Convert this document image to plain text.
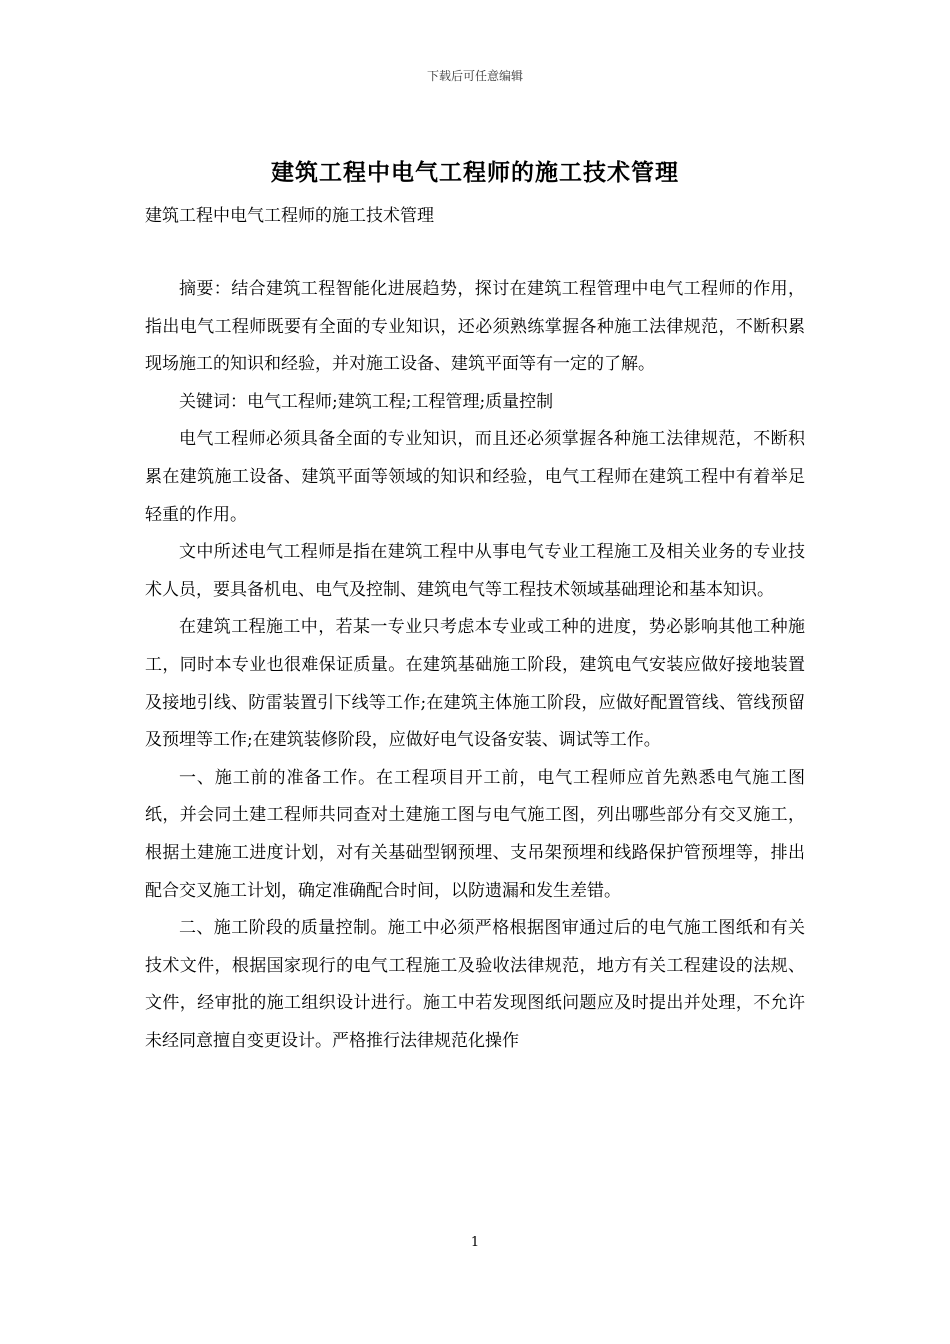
下载后可任意编辑
建筑工程中电气工程师的施工技术管理
建筑工程中电气工程师的施工技术管理

摘要：结合建筑工程智能化进展趋势，探讨在建筑工程管理中电气工程师的作用，指出电气工程师既要有全面的专业知识，还必须熟练掌握各种施工法律规范，不断积累现场施工的知识和经验，并对施工设备、建筑平面等有一定的了解。

关键词：电气工程师;建筑工程;工程管理;质量控制

电气工程师必须具备全面的专业知识，而且还必须掌握各种施工法律规范，不断积累在建筑施工设备、建筑平面等领域的知识和经验，电气工程师在建筑工程中有着举足轻重的作用。

文中所述电气工程师是指在建筑工程中从事电气专业工程施工及相关业务的专业技术人员，要具备机电、电气及控制、建筑电气等工程技术领域基础理论和基本知识。

在建筑工程施工中，若某一专业只考虑本专业或工种的进度，势必影响其他工种施工，同时本专业也很难保证质量。在建筑基础施工阶段，建筑电气安装应做好接地装置及接地引线、防雷装置引下线等工作;在建筑主体施工阶段，应做好配置管线、管线预留及预埋等工作;在建筑装修阶段，应做好电气设备安装、调试等工作。

一、施工前的准备工作。在工程项目开工前，电气工程师应首先熟悉电气施工图纸，并会同土建工程师共同查对土建施工图与电气施工图，列出哪些部分有交叉施工，根据土建施工进度计划，对有关基础型钢预埋、支吊架预埋和线路保护管预埋等，排出配合交叉施工计划，确定准确配合时间，以防遗漏和发生差错。

二、施工阶段的质量控制。施工中必须严格根据图审通过后的电气施工图纸和有关技术文件，根据国家现行的电气工程施工及验收法律规范，地方有关工程建设的法规、文件，经审批的施工组织设计进行。施工中若发现图纸问题应及时提出并处理，不允许未经同意擅自变更设计。严格推行法律规范化操作

1
